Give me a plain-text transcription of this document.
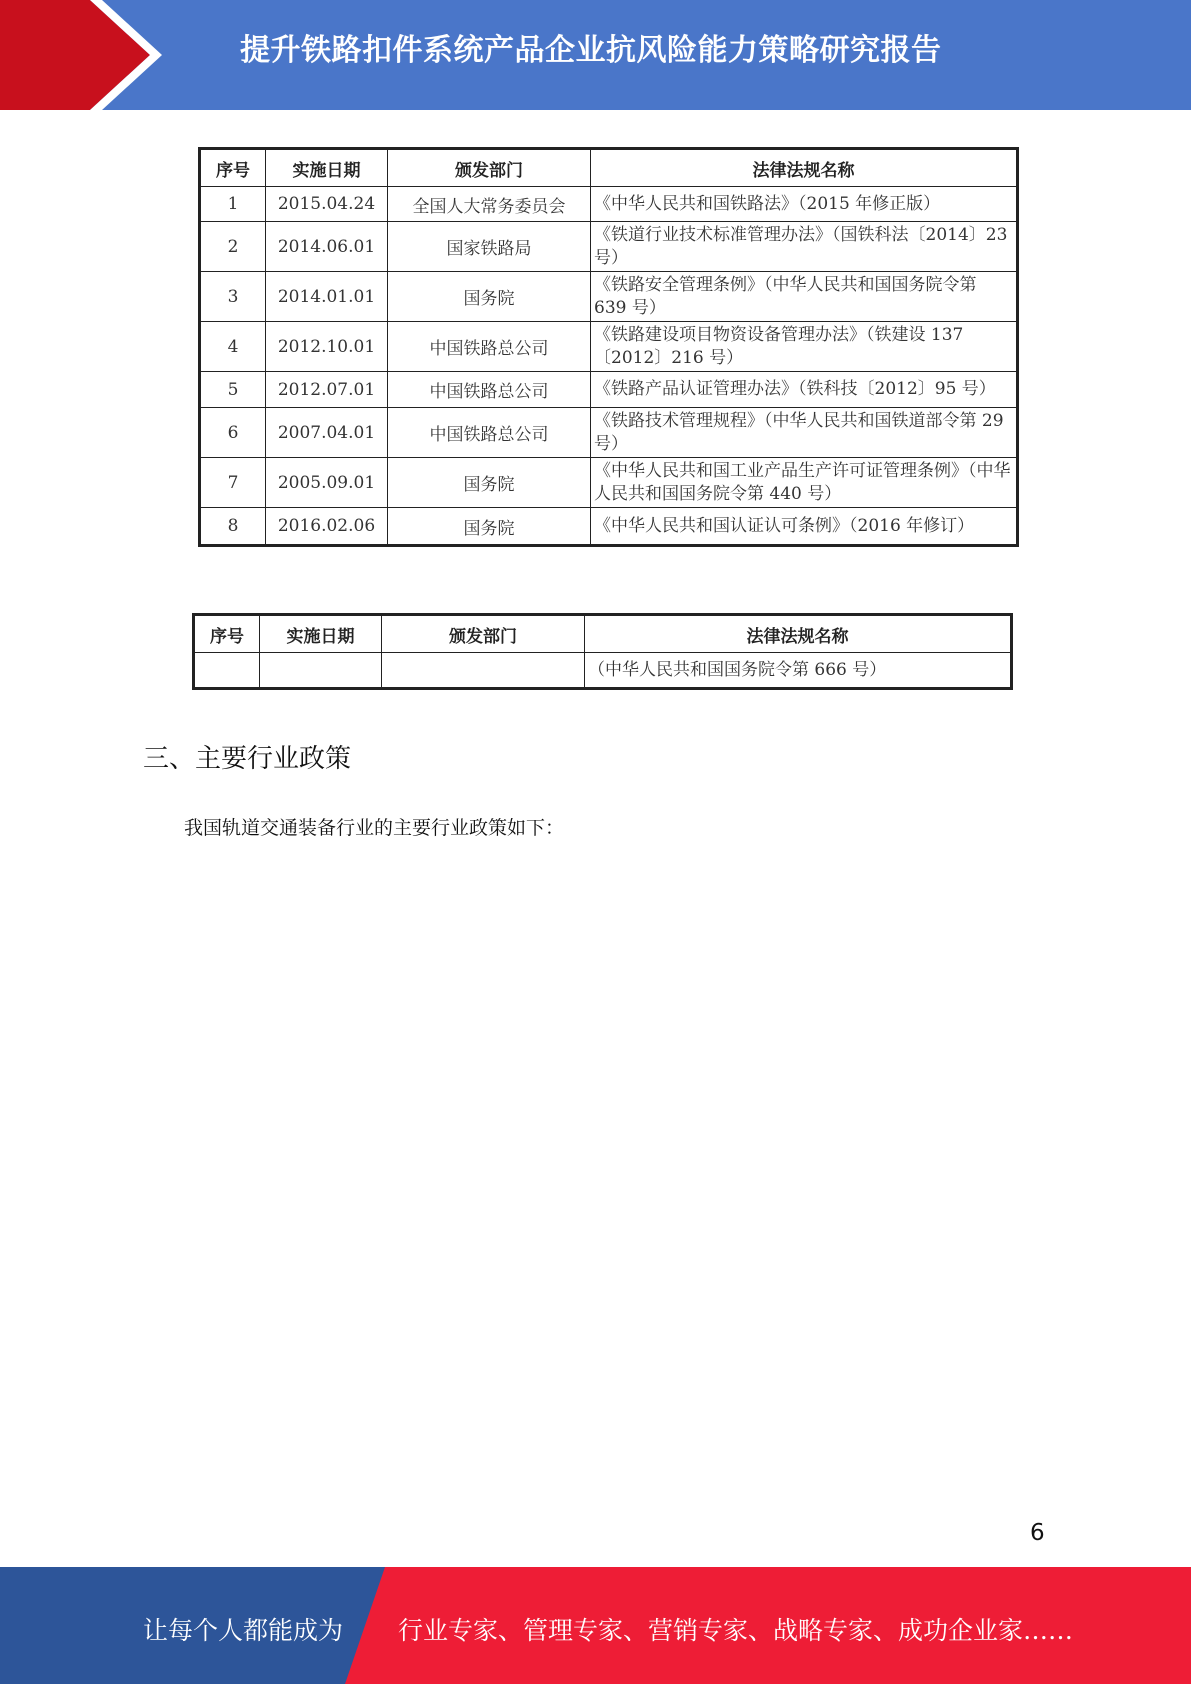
提升铁路扣件系统产品企业抗风险能力策略研究报告
序号	实施日期	颁发部门	法律法规名称
1	2015.04.24	全国人大常务委员会	《中华人民共和国铁路法》（2015 年修正版）
2	2014.06.01	国家铁路局	《铁道行业技术标准管理办法》（国铁科法〔2014〕23 号）
3	2014.01.01	国务院	《铁路安全管理条例》（中华人民共和国国务院令第 639 号）
4	2012.10.01	中国铁路总公司	《铁路建设项目物资设备管理办法》（铁建设 137〔2012〕216 号）
5	2012.07.01	中国铁路总公司	《铁路产品认证管理办法》（铁科技〔2012〕95 号）
6	2007.04.01	中国铁路总公司	《铁路技术管理规程》（中华人民共和国铁道部令第 29 号）
7	2005.09.01	国务院	《中华人民共和国工业产品生产许可证管理条例》（中华人民共和国国务院令第 440 号）
8	2016.02.06	国务院	《中华人民共和国认证认可条例》（2016 年修订）
序号	实施日期	颁发部门	法律法规名称
			（中华人民共和国国务院令第 666 号）
三、主要行业政策
我国轨道交通装备行业的主要行业政策如下：
6
让每个人都能成为 行业专家、管理专家、营销专家、战略专家、成功企业家……
